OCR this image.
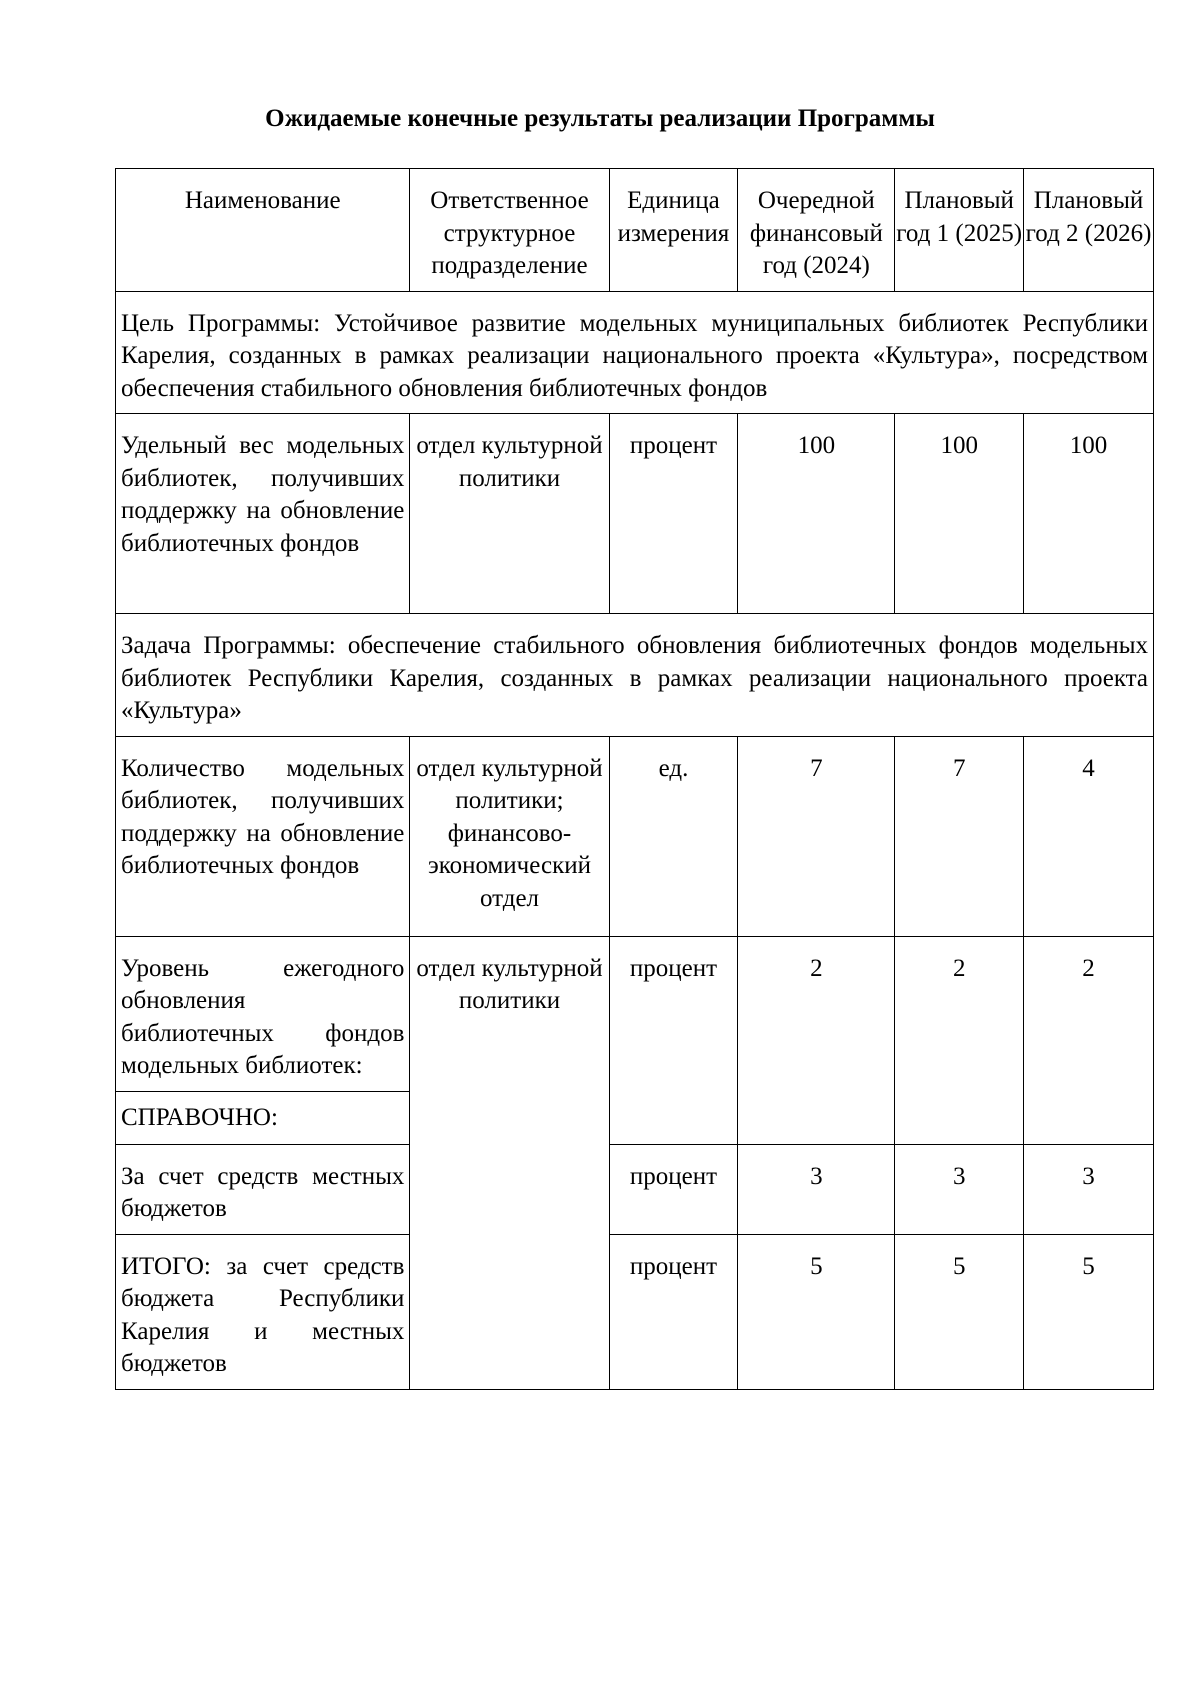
Ожидаемые конечные результаты реализации Программы
Наименование	Ответственное структурное подразделение	Единица измерения	Очередной финансовый год (2024)	Плановый год 1 (2025)	Плановый год 2 (2026)
Цель Программы: Устойчивое развитие модельных муниципальных библиотек Республики Карелия, созданных в рамках реализации национального проекта «Культура», посредством обеспечения стабильного обновления библиотечных фондов					
Удельный вес модельных библиотек, получивших поддержку на обновление библиотечных фондов	отдел культурной политики	процент	100	100	100
Задача Программы: обеспечение стабильного обновления библиотечных фондов модельных библиотек Республики Карелия, созданных в рамках реализации национального проекта «Культура»					
Количество модельных библиотек, получивших поддержку на обновление библиотечных фондов	отдел культурной политики; финансово-экономический отдел	ед.	7	7	4
Уровень ежегодного обновления библиотечных фондов модельных библиотек:	отдел культурной политики	процент	2	2	2
СПРАВОЧНО:					
За счет средств местных бюджетов		процент	3	3	3
ИТОГО: за счет средств бюджета Республики Карелия и местных бюджетов		процент	5	5	5
